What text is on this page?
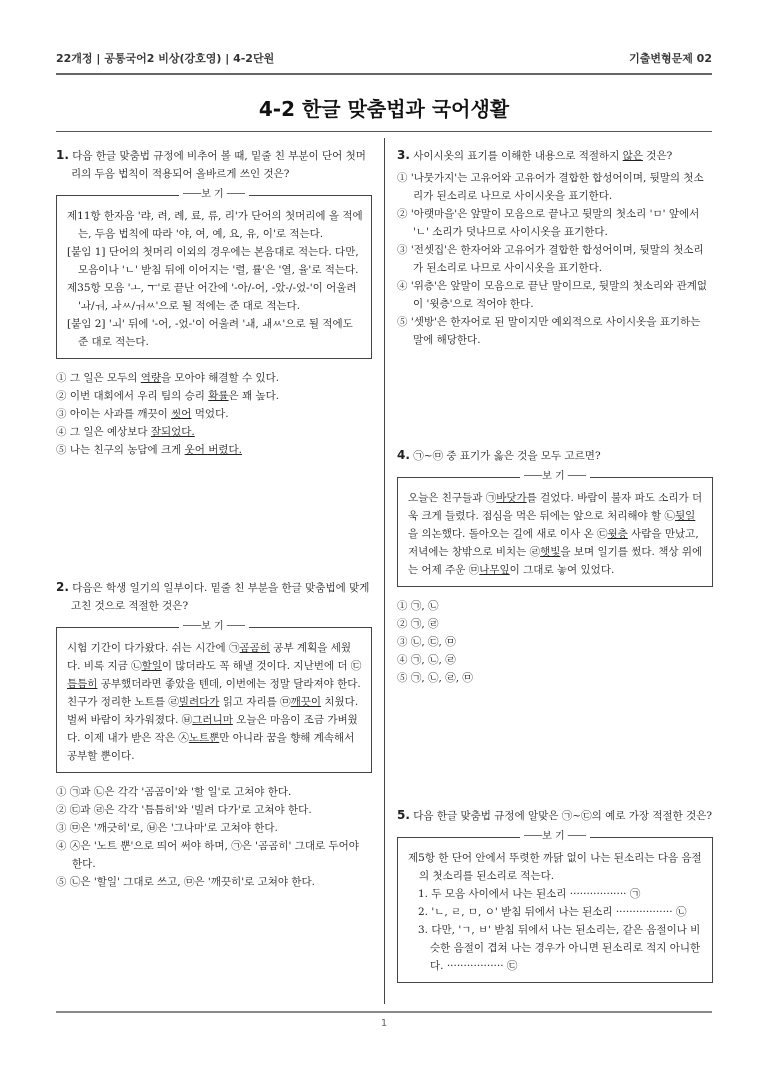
22개정 | 공통국어2 비상(강호영) | 4-2단원	기출변형문제 02
4-2 한글 맞춤법과 국어생활
1. 다음 한글 맞춤법 규정에 비추어 볼 때, 밑줄 친 부분이 단어 첫머리의 두음 법칙이 적용되어 올바르게 쓰인 것은?
─── 보 기 ───
제11항 한자음 '랴, 려, 례, 료, 류, 리'가 단어의 첫머리에 올 적에는, 두음 법칙에 따라 '야, 여, 예, 요, 유, 이'로 적는다.
[붙임 1] 단어의 첫머리 이외의 경우에는 본음대로 적는다. 다만, 모음이나 'ㄴ' 받침 뒤에 이어지는 '렬, 률'은 '열, 율'로 적는다.
제35항 모음 'ㅗ, ㅜ'로 끝난 어간에 '-아/-어, -았-/-었-'이 어울려 'ㅘ/ㅝ, ㅘㅆ/ㅝㅆ'으로 될 적에는 준 대로 적는다.
[붙임 2] 'ㅚ' 뒤에 '-어, -었-'이 어울려 'ㅙ, ㅙㅆ'으로 될 적에도 준 대로 적는다.
① 그 일은 모두의 역량을 모아야 해결할 수 있다.
② 이번 대회에서 우리 팀의 승리 확률은 꽤 높다.
③ 아이는 사과를 깨끗이 씻어 먹었다.
④ 그 일은 예상보다 잘되었다.
⑤ 나는 친구의 농담에 크게 웃어 버렸다.
2. 다음은 학생 일기의 일부이다. 밑줄 친 부분을 한글 맞춤법에 맞게 고친 것으로 적절한 것은?
─── 보 기 ───
시험 기간이 다가왔다. 쉬는 시간에 ㉠곰곰히 공부 계획을 세웠다. 비록 지금 ㉡할일이 많더라도 꼭 해낼 것이다. 지난번에 더 ㉢틈틈히 공부했더라면 좋았을 텐데, 이번에는 정말 달라져야 한다. 친구가 정리한 노트를 ㉣빌려다가 읽고 자리를 ㉤깨끗이 치웠다. 벌써 바람이 차가워졌다. ㉥그러니마 오늘은 마음이 조금 가벼웠다. 이제 내가 받은 작은 ㉦노트뿐만 아니라 꿈을 향해 계속해서 공부할 뿐이다.
① ㉠과 ㉡은 각각 '곰곰이'와 '할 일'로 고쳐야 한다.
② ㉢과 ㉣은 각각 '틈틈히'와 '빌려 다가'로 고쳐야 한다.
③ ㉤은 '깨긋히'로, ㉥은 '그나마'로 고쳐야 한다.
④ ㉦은 '노트 뿐'으로 띄어 써야 하며, ㉠은 '곰곰히' 그대로 두어야 한다.
⑤ ㉡은 '할일' 그대로 쓰고, ㉤은 '깨끗히'로 고쳐야 한다.
3. 사이시옷의 표기를 이해한 내용으로 적절하지 않은 것은?
① '나뭇가지'는 고유어와 고유어가 결합한 합성어이며, 뒷말의 첫소리가 된소리로 나므로 사이시옷을 표기한다.
② '아랫마을'은 앞말이 모음으로 끝나고 뒷말의 첫소리 'ㅁ' 앞에서 'ㄴ' 소리가 덧나므로 사이시옷을 표기한다.
③ '전셋집'은 한자어와 고유어가 결합한 합성어이며, 뒷말의 첫소리가 된소리로 나므로 사이시옷을 표기한다.
④ '위층'은 앞말이 모음으로 끝난 말이므로, 뒷말의 첫소리와 관계없이 '윗층'으로 적어야 한다.
⑤ '셋방'은 한자어로 된 말이지만 예외적으로 사이시옷을 표기하는 말에 해당한다.
4. ㉠~㉤ 중 표기가 옳은 것을 모두 고르면?
─── 보 기 ───
오늘은 친구들과 ㉠바닷가를 걸었다. 바람이 불자 파도 소리가 더욱 크게 들렸다. 점심을 먹은 뒤에는 앞으로 처리해야 할 ㉡뒷일을 의논했다. 돌아오는 길에 새로 이사 온 ㉢윗층 사람을 만났고, 저녁에는 창밖으로 비치는 ㉣햇빛을 보며 일기를 썼다. 책상 위에는 어제 주운 ㉤나무잎이 그대로 놓여 있었다.
① ㉠, ㉡
② ㉠, ㉣
③ ㉡, ㉢, ㉤
④ ㉠, ㉡, ㉣
⑤ ㉠, ㉡, ㉣, ㉤
5. 다음 한글 맞춤법 규정에 알맞은 ㉠~㉢의 예로 가장 적절한 것은?
─── 보 기 ───
제5항 한 단어 안에서 뚜렷한 까닭 없이 나는 된소리는 다음 음절의 첫소리를 된소리로 적는다.
1. 두 모음 사이에서 나는 된소리 ················· ㉠
2. 'ㄴ, ㄹ, ㅁ, ㅇ' 받침 뒤에서 나는 된소리 ················· ㉡
3. 다만, 'ㄱ, ㅂ' 받침 뒤에서 나는 된소리는, 같은 음절이나 비슷한 음절이 겹쳐 나는 경우가 아니면 된소리로 적지 아니한다. ················· ㉢
1
